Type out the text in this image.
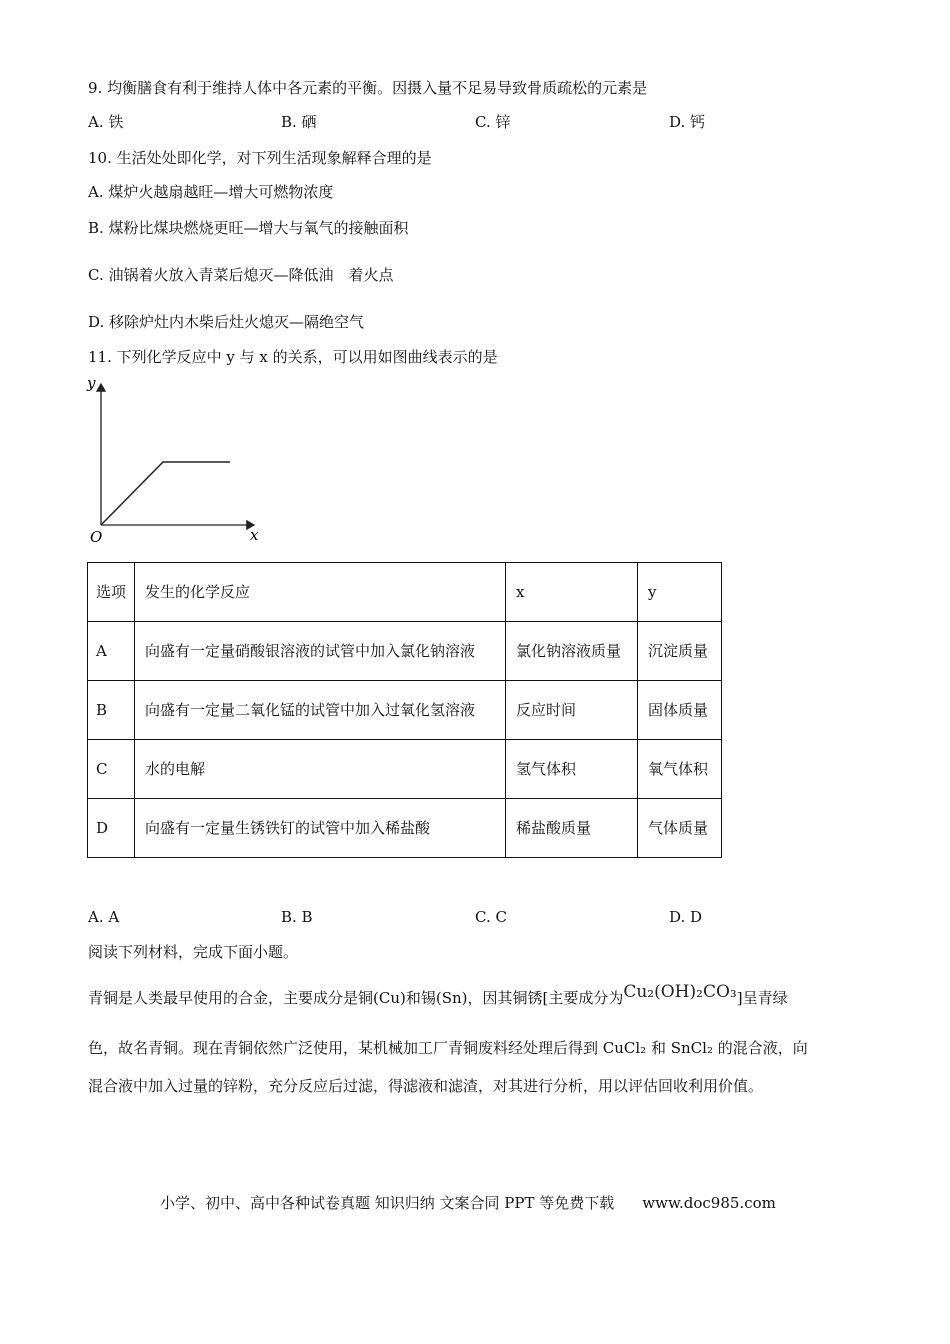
9. 均衡膳食有利于维持人体中各元素的平衡。因摄入量不足易导致骨质疏松的元素是
A. 铁	B. 硒	C. 锌	D. 钙
10. 生活处处即化学，对下列生活现象解释合理的是
A. 煤炉火越扇越旺—增大可燃物浓度
B. 煤粉比煤块燃烧更旺—增大与氧气的接触面积
C. 油锅着火放入青菜后熄灭—降低油　着火点
D. 移除炉灶内木柴后灶火熄灭—隔绝空气
11. 下列化学反应中 y 与 x 的关系，可以用如图曲线表示的是
y
x
O
选项	发生的化学反应	x	y
A	向盛有一定量硝酸银溶液的试管中加入氯化钠溶液	氯化钠溶液质量	沉淀质量
B	向盛有一定量二氧化锰的试管中加入过氧化氢溶液	反应时间	固体质量
C	水的电解	氢气体积	氧气体积
D	向盛有一定量生锈铁钉的试管中加入稀盐酸	稀盐酸质量	气体质量
A. A	B. B	C. C	D. D
阅读下列材料，完成下面小题。
青铜是人类最早使用的合金，主要成分是铜(Cu)和锡(Sn)，因其铜锈[主要成分为Cu₂(OH)₂CO₃]呈青绿
色，故名青铜。现在青铜依然广泛使用，某机械加工厂青铜废料经处理后得到 CuCl₂ 和 SnCl₂ 的混合液，向
混合液中加入过量的锌粉，充分反应后过滤，得滤液和滤渣，对其进行分析，用以评估回收利用价值。
小学、初中、高中各种试卷真题 知识归纳 文案合同 PPT 等免费下载 www.doc985.com
